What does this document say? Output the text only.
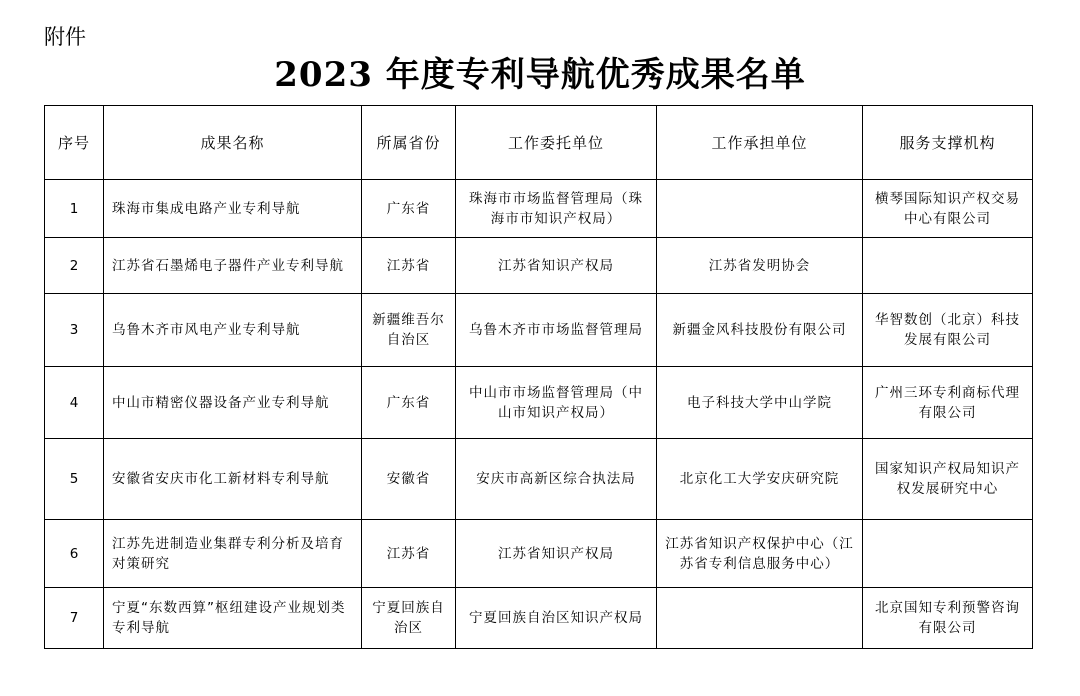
附件
2023 年度专利导航优秀成果名单
序号	成果名称	所属省份	工作委托单位	工作承担单位	服务支撑机构
1	珠海市集成电路产业专利导航	广东省	珠海市市场监督管理局（珠海市市知识产权局）		横琴国际知识产权交易中心有限公司
2	江苏省石墨烯电子器件产业专利导航	江苏省	江苏省知识产权局	江苏省发明协会	
3	乌鲁木齐市风电产业专利导航	新疆维吾尔自治区	乌鲁木齐市市场监督管理局	新疆金风科技股份有限公司	华智数创（北京）科技发展有限公司
4	中山市精密仪器设备产业专利导航	广东省	中山市市场监督管理局（中山市知识产权局）	电子科技大学中山学院	广州三环专利商标代理有限公司
5	安徽省安庆市化工新材料专利导航	安徽省	安庆市高新区综合执法局	北京化工大学安庆研究院	国家知识产权局知识产权发展研究中心
6	江苏先进制造业集群专利分析及培育对策研究	江苏省	江苏省知识产权局	江苏省知识产权保护中心（江苏省专利信息服务中心）	
7	宁夏“东数西算”枢纽建设产业规划类专利导航	宁夏回族自治区	宁夏回族自治区知识产权局		北京国知专利预警咨询有限公司
